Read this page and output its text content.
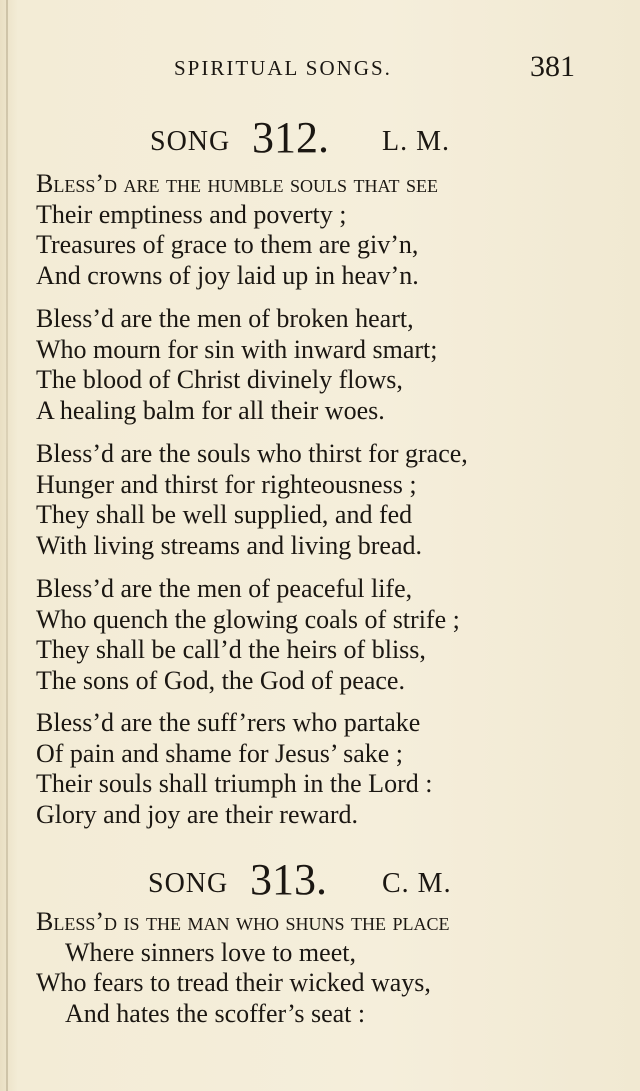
SPIRITUAL SONGS.	381
SONG 312. L. M.
Bless’d are the humble souls that see
Their emptiness and poverty ;
Treasures of grace to them are giv’n,
And crowns of joy laid up in heav’n.
Bless’d are the men of broken heart,
Who mourn for sin with inward smart;
The blood of Christ divinely flows,
A healing balm for all their woes.
Bless’d are the souls who thirst for grace,
Hunger and thirst for righteousness ;
They shall be well supplied, and fed
With living streams and living bread.
Bless’d are the men of peaceful life,
Who quench the glowing coals of strife ;
They shall be call’d the heirs of bliss,
The sons of God, the God of peace.
Bless’d are the suff’rers who partake
Of pain and shame for Jesus’ sake ;
Their souls shall triumph in the Lord :
Glory and joy are their reward.
SONG 313. C. M.
Bless’d is the man who shuns the place
Where sinners love to meet,
Who fears to tread their wicked ways,
And hates the scoffer’s seat :
